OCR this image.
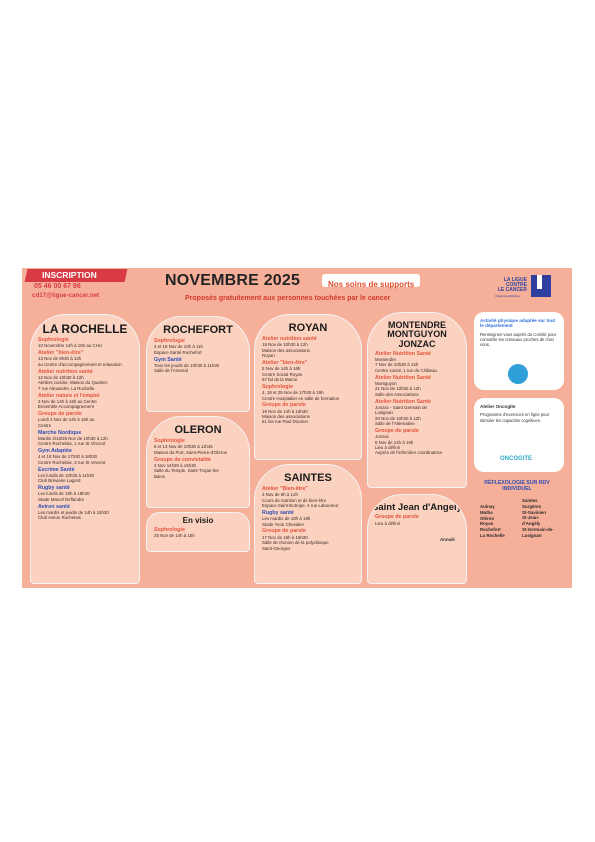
INSCRIPTION
05 46 00 67 96
cd17@ligue-cancer.net
NOVEMBRE 2025	Nos soins de supports
Proposés gratuitement aux personnes touchées par le cancer
LA LIGUE
CONTRE
LE CANCER
Charente-Maritime
LA ROCHELLE
Sophrologie
10 Novembre 14h à 15h au CHU
Atelier "bien-être"
13 Nov de 9h30 à 12h
au Centre d'accompagnement et relaxation
Atelier nutrition santé
12 Nov de 10h30 à 12h
Ateliers cuisine, Maison du Quartier,
7 rue Alexandre, La Rochelle
Atelier nature et l'emploi
3 Nov de 14h à 16h au Centre
Ensemble Accompagnement
Groupe de parole
Lundi 4 Nov de 14h à 16h au
Centre
Marche Nordique
Mardis 4/18/25 Nov de 10h30 à 12h
Centre Rochelais, 1 rue St Vincent
Gym Adaptée
4 et 18 Nov de 17h30 à 18h30
Centre Rochelais, 3 rue St Vincent
Escrime Santé
Les lundis de 10h30 à 11h30
Club Bréviaire Lagord
Rugby santé
Les lundis de 18h à 19h30
Stade Marcel Deflandre
Aviron santé
Les mardis et jeudis de 14h à 15h30
Club Aviron Rochelais
ROCHEFORT
Sophrologie
4 et 18 Nov de 10h à 11h
Espace Santé Rochefort
Gym Santé
Tous les jeudis de 10h30 à 11h30
Salle de l'Arsenal
OLERON
Sophrologie
6 et 13 Nov de 10h30 à 11h45
Maison du Port, Saint-Pierre-d'Oléron
Groupe de convivialité
3 Nov 14h30 à 16h30
Salle du Temple, Saint-Trojan-les-
Bains
En visio
Sophrologie
25 Nov de 14h à 15h
ROYAN
Atelier nutrition santé
15 Nov de 10h30 à 12h
Maison des associations
Royan
Atelier "bien-être"
5 Nov de 14h à 16h
Centre Social Royan
67 bd de la Marne
Sophrologie
4, 18 et 25 Nov de 17h30 à 19h
Centre Hospitalier en salle de formation
Groupe de parole
19 Nov de 14h à 16h30
Maison des associations
61 bis rue Paul Doumer
SAINTES
Atelier "Bien-être"
3 Nov de 9h à 12h
Cours de nutrition et de bien-être
Espace Saint-Eutrope, 4 rue Laboureur
Rugby santé
Les mardis de 18h à 19h
Stade Yvon Chevalier
Groupe de parole
17 Nov de 15h à 16h30
Salle de réunion de la polyclinique
Saint-Georges
MONTENDRE MONTGUYON JONZAC
Atelier Nutrition Santé
Montendre
7 Nov de 10h30 à 12h
Centre social, 1 rue du Château
Atelier Nutrition Santé
Montguyon
21 Nov de 10h30 à 12h
Salle des Associations
Atelier Nutrition Santé
Jonzac - Saint Germain de
Lusignan
20 Nov de 10h30 à 12h
Salle de l'Alternative
Groupe de parole
Jonzac
6 Nov de 14h à 16h
Lieu à définir
Auprès de l'infirmière coordinatrice
Saint Jean d'Angely
Groupe de parole
Lieu à définir
Annulé
Activité physique adaptée sur tout le département
Renseignez-vous auprès du Comité pour connaître les créneaux proches de chez vous.
Atelier Oncogite
Programme d'exercices en ligne pour stimuler les capacités cognitives.
ONCOGITE
RÉFLEXOLOGIE SUR RDV INDIVIDUEL
Aulnay
Matha
Oléron
Royan
Rochefort
La Rochelle
Saintes
Surgères
St-Savinien
St-Jean-
d'Angély
St-Germain-de-
Lusignan
